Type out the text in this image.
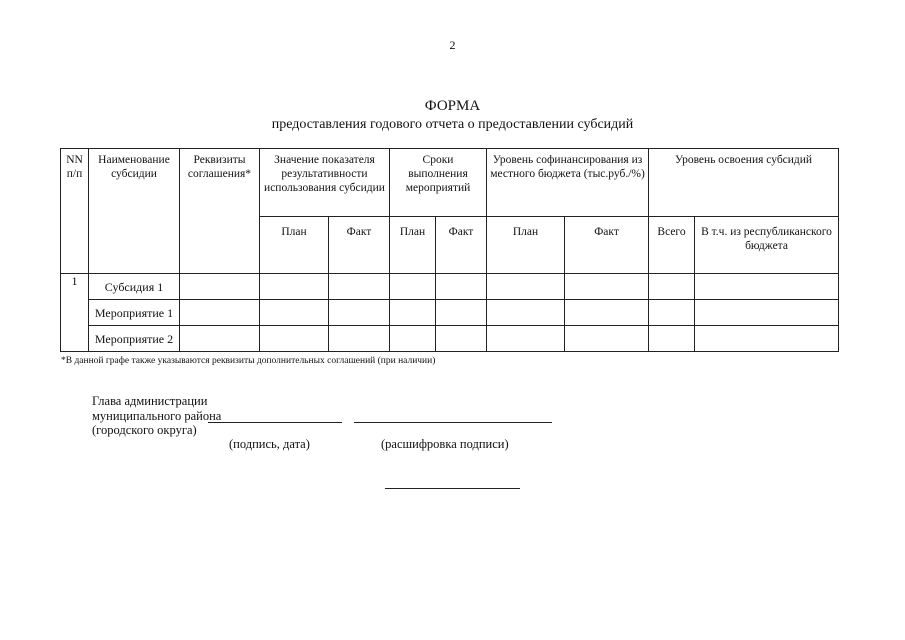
2
ФОРМА
предоставления годового отчета о предоставлении субсидий
NN п/п	Наименование субсидии	Реквизиты соглашения*	Значение показателя результативности использования субсидии		Сроки выполнения мероприятий		Уровень софинансирования из местного бюджета (тыс.руб./%)		Уровень освоения субсидий	
			План	Факт	План	Факт	План	Факт	Всего	В т.ч. из республиканского бюджета
1	Субсидия 1									
	Мероприятие 1									
	Мероприятие 2									
*В данной графе также указываются реквизиты дополнительных соглашений (при наличии)
Глава администрации
муниципального района
(городского округа)
(подпись, дата)	(расшифровка подписи)
